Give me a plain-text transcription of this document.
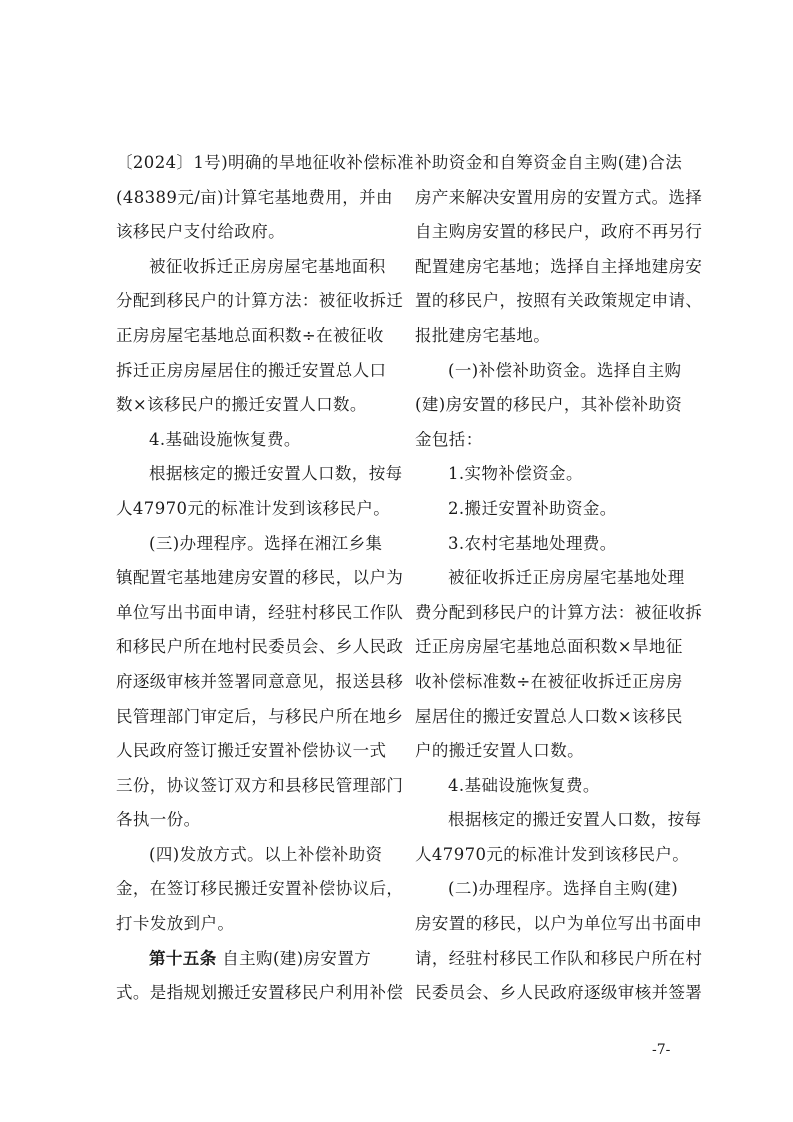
〔2024〕1号)明确的旱地征收补偿标准
(48389元/亩)计算宅基地费用，并由
该移民户支付给政府。
被征收拆迁正房房屋宅基地面积
分配到移民户的计算方法：被征收拆迁
正房房屋宅基地总面积数÷在被征收
拆迁正房房屋居住的搬迁安置总人口
数×该移民户的搬迁安置人口数。
4.基础设施恢复费。
根据核定的搬迁安置人口数，按每
人47970元的标准计发到该移民户。
(三)办理程序。选择在湘江乡集
镇配置宅基地建房安置的移民，以户为
单位写出书面申请，经驻村移民工作队
和移民户所在地村民委员会、乡人民政
府逐级审核并签署同意意见，报送县移
民管理部门审定后，与移民户所在地乡
人民政府签订搬迁安置补偿协议一式
三份，协议签订双方和县移民管理部门
各执一份。
(四)发放方式。以上补偿补助资
金，在签订移民搬迁安置补偿协议后，
打卡发放到户。
第十五条 自主购(建)房安置方
式。是指规划搬迁安置移民户利用补偿
补助资金和自筹资金自主购(建)合法
房产来解决安置用房的安置方式。选择
自主购房安置的移民户，政府不再另行
配置建房宅基地；选择自主择地建房安
置的移民户，按照有关政策规定申请、
报批建房宅基地。
(一)补偿补助资金。选择自主购
(建)房安置的移民户，其补偿补助资
金包括：
1.实物补偿资金。
2.搬迁安置补助资金。
3.农村宅基地处理费。
被征收拆迁正房房屋宅基地处理
费分配到移民户的计算方法：被征收拆
迁正房房屋宅基地总面积数×旱地征
收补偿标准数÷在被征收拆迁正房房
屋居住的搬迁安置总人口数×该移民
户的搬迁安置人口数。
4.基础设施恢复费。
根据核定的搬迁安置人口数，按每
人47970元的标准计发到该移民户。
(二)办理程序。选择自主购(建)
房安置的移民，以户为单位写出书面申
请，经驻村移民工作队和移民户所在村
民委员会、乡人民政府逐级审核并签署
-7-
